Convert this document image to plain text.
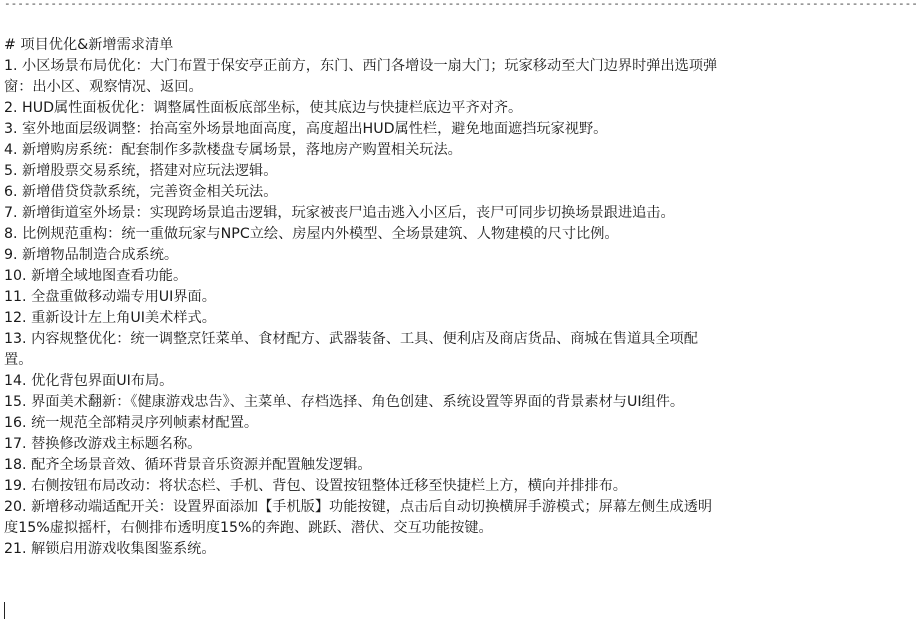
------------------------------------------------------------------------------------------------------------------------------------------

# 项目优化&新增需求清单

1. 小区场景布局优化：大门布置于保安亭正前方，东门、西门各增设一扇大门；玩家移动至大门边界时弹出选项弹窗：出小区、观察情况、返回。

2. HUD属性面板优化：调整属性面板底部坐标，使其底边与快捷栏底边平齐对齐。

3. 室外地面层级调整：抬高室外场景地面高度，高度超出HUD属性栏，避免地面遮挡玩家视野。

4. 新增购房系统：配套制作多款楼盘专属场景，落地房产购置相关玩法。

5. 新增股票交易系统，搭建对应玩法逻辑。

6. 新增借贷贷款系统，完善资金相关玩法。

7. 新增街道室外场景：实现跨场景追击逻辑，玩家被丧尸追击逃入小区后，丧尸可同步切换场景跟进追击。

8. 比例规范重构：统一重做玩家与NPC立绘、房屋内外模型、全场景建筑、人物建模的尺寸比例。

9. 新增物品制造合成系统。

10. 新增全域地图查看功能。

11. 全盘重做移动端专用UI界面。

12. 重新设计左上角UI美术样式。

13. 内容规整优化：统一调整烹饪菜单、食材配方、武器装备、工具、便利店及商店货品、商城在售道具全项配置。

14. 优化背包界面UI布局。

15. 界面美术翻新：《健康游戏忠告》、主菜单、存档选择、角色创建、系统设置等界面的背景素材与UI组件。

16. 统一规范全部精灵序列帧素材配置。

17. 替换修改游戏主标题名称。

18. 配齐全场景音效、循环背景音乐资源并配置触发逻辑。

19. 右侧按钮布局改动：将状态栏、手机、背包、设置按钮整体迁移至快捷栏上方，横向并排排布。

20. 新增移动端适配开关：设置界面添加【手机版】功能按键，点击后自动切换横屏手游模式；屏幕左侧生成透明度15%虚拟摇杆，右侧排布透明度15%的奔跑、跳跃、潜伏、交互功能按键。

21. 解锁启用游戏收集图鉴系统。
